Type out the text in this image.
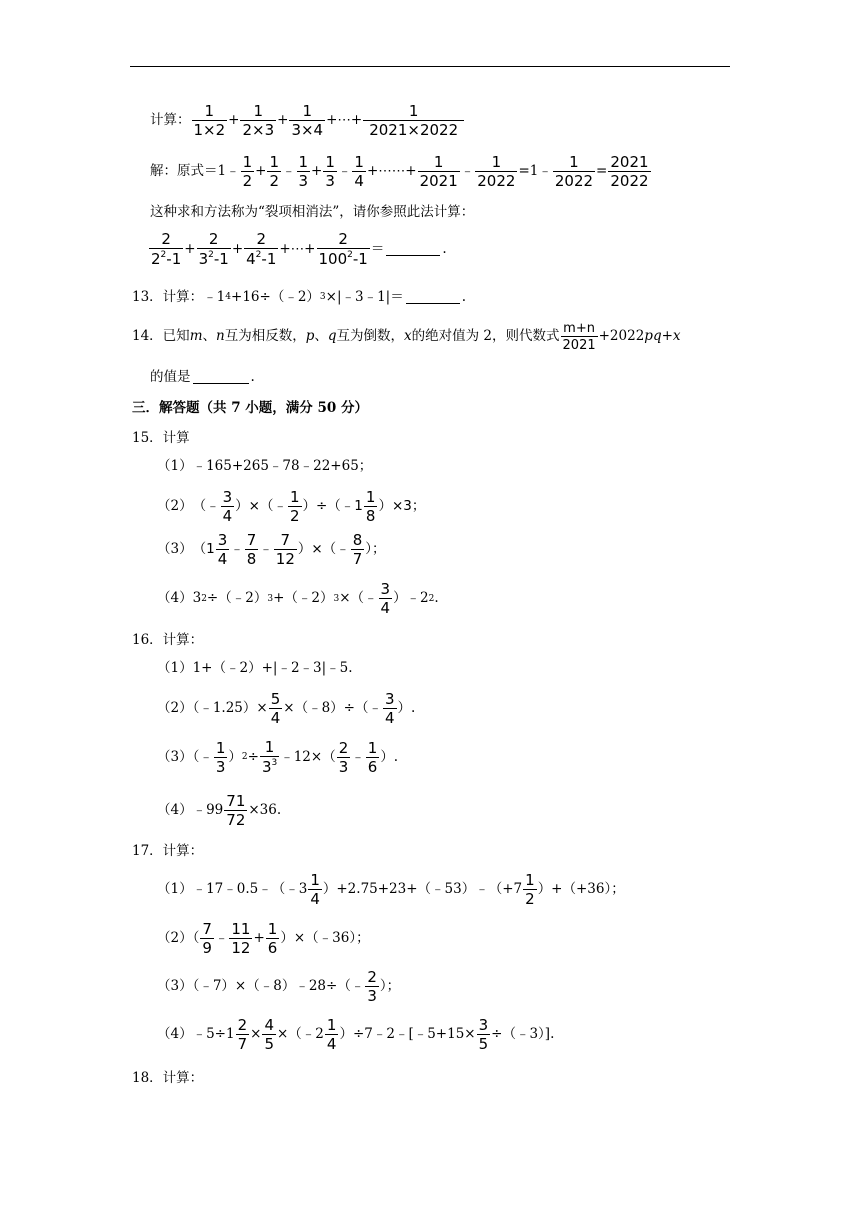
计算： $\frac{1}{1\times 2} + \frac{1}{2\times 3} + \frac{1}{3\times 4}$ +⋯+ $\frac{1}{2021\times 2022}$
解：原式＝1﹣ $\frac{1}{2} + \frac{1}{2}$ ﹣ $\frac{1}{3} + \frac{1}{3}$ ﹣ $\frac{1}{4}$ +⋯⋯+ $\frac{1}{2021}$ ﹣ $\frac{1}{2022}$ =1﹣ $\frac{1}{2022} = \frac{2021}{2022}$
这种求和方法称为“裂项相消法”，请你参照此法计算：
$\frac{2}{2^2-1} + \frac{2}{3^2-1} + \frac{2}{4^2-1}$ +⋯+ $\frac{2}{100^2-1}$ ＝	.
13．计算： ﹣1 4 +16÷（﹣2） 3 ×|﹣3﹣1|＝	.
14．已知 m 、 n 互为相反数， p 、 q 互为倒数， x 的绝对值为 2，则代数式 $\frac{m+n}{2021} +2022$ pq + x
的值是	.
三．解答题（共 7 小题，满分 50 分）
15．计算
（1）﹣165+265﹣78﹣22+65；
（2） （﹣ $\frac{3}{4}$ ）×（﹣ $\frac{1}{2}$ ）÷（﹣1 $\frac{1}{8} )\times 3$；
（3） （$1 \frac{3}{4}$ ﹣ $\frac{7}{8}$ ﹣ $\frac{7}{12}$ ）×（﹣ $\frac{8}{7}$ ）；
（4）3 2 ÷（﹣2） 3 +（﹣2） 3 ×（﹣ $\frac{3}{4}$ ）﹣2 2 .
16．计算：
（1）1+（﹣2）+|﹣2﹣3|﹣5.
（2）（﹣1.25）× $\frac{5}{4}$ ×（﹣8）÷（﹣ $\frac{3}{4}$ ）.
（3）（﹣ $\frac{1}{3}$ ） $2 \div \frac{1}{3^3}$ ﹣12×（ $\frac{2}{3}$ ﹣ $\frac{1}{6}$ ）.
（4）﹣99 $\frac{71}{72} \times 36$.
17．计算：
（1）﹣17﹣0.5﹣（﹣3 $\frac{1}{4}$ ）+2.75+23+（﹣53）﹣（+7 $\frac{1}{2} )+(+36)$；
$(2)( \frac{7}{9}$ ﹣ $\frac{11}{12} + \frac{1}{6}$ ）×（﹣36）；
（3）（﹣7）×（﹣8）﹣28÷（﹣ $\frac{2}{3}$ ）；
（4）﹣5÷1 $\frac{2}{7} \times \frac{4}{5}$ ×（﹣2 $\frac{1}{4}$ ）÷7﹣2﹣[﹣5+15× $\frac{3}{5}$ ÷（﹣3）].
18．计算：
